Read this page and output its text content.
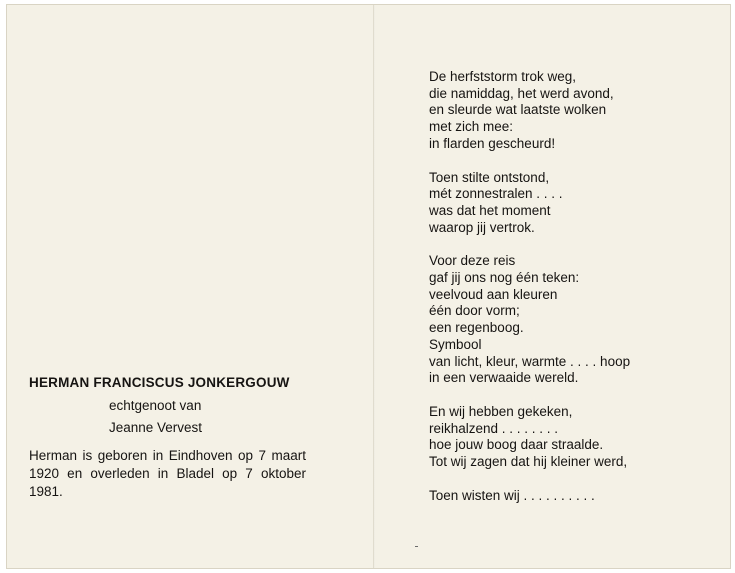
HERMAN FRANCISCUS JONKERGOUW

echtgenoot van

Jeanne Vervest

Herman is geboren in Eindhoven op 7 maart 1920 en overleden in Bladel op 7 oktober 1981.

De herfststorm trok weg,
die namiddag, het werd avond,
en sleurde wat laatste wolken
met zich mee:
in flarden gescheurd!
Toen stilte ontstond,
mét zonnestralen . . . .
was dat het moment
waarop jij vertrok.
Voor deze reis
gaf jij ons nog één teken:
veelvoud aan kleuren
één door vorm;
een regenboog.
Symbool
van licht, kleur, warmte . . . . hoop
in een verwaaide wereld.
En wij hebben gekeken,
reikhalzend . . . . . . . .
hoe jouw boog daar straalde.
Tot wij zagen dat hij kleiner werd,
Toen wisten wij . . . . . . . . . .
